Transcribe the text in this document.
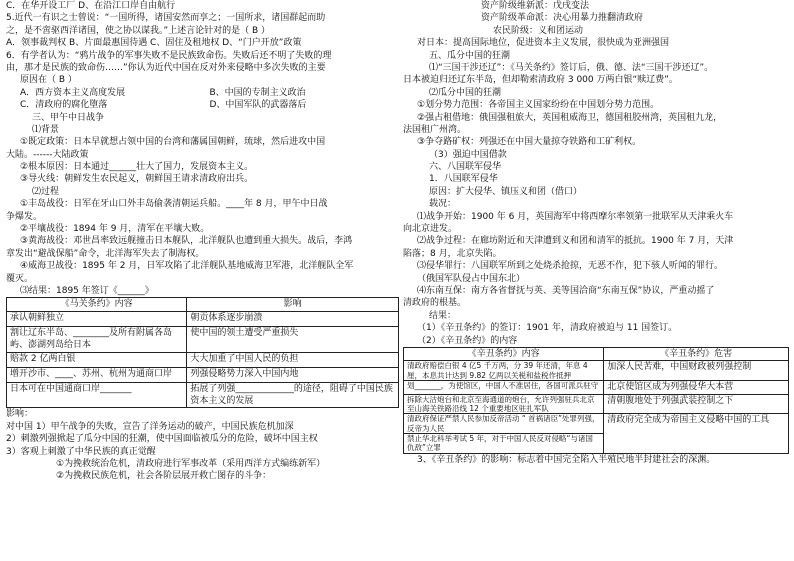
C．在华开设工厂 D、在沿江口岸自由航行
5.近代一有识之士曾说：“一国所得，诸国安然而享之；一国所求，诸国群起而助
之，是不啻驱西洋诸国，使之协以谋我。”上述言论针对的是（ B ）
A．领事裁判权 B、片面最惠国待遇 C、固住及租地权 D、“门户开放”政策
6．有学者认为：“鸦片战争的军事失败不是民族致命伤。失败后还不明了失败的理
由，那才是民族的致命伤……”你认为近代中国在反对外来侵略中多次失败的主要
原因在（ B ）
A．西方资本主义高度发展	B、中国的专制主义政治
C．清政府的腐化堕落	D、中国军队的武器落后
三、甲午中日战争
⑴背景
①既定政策：日本早就想占领中国的台湾和藩属国朝鲜，琉球，然后进攻中国
大陆。------大陆政策
②根本原因：日本通过______壮大了国力，发展资本主义。
③导火线：朝鲜发生农民起义，朝鲜国王请求清政府出兵。
⑵过程
①丰岛战役：日军在牙山口外丰岛偷袭清朝运兵船。____年 8 月，甲午中日战
争爆发。
②平壤战役：1894 年 9 月，清军在平壤大败。
③黄海战役：邓世昌率致远舰撞击日本舰队，北洋舰队也遭到重大损失。战后，李鸿
章发出“避战保船”命令，北洋海军失去了制海权。
④威海卫战役：1895 年 2 月，日军攻陷了北洋舰队基地威海卫军港，北洋舰队全军
覆灭。
⑶结果：1895 年签订《______》
《马关条约》内容	影响
承认朝鲜独立	朝贡体系逐步崩溃
割让辽东半岛、________及所有附属各岛屿、澎湖列岛给日本	使中国的领土遭受严重损失
赔款 2 亿两白银	大大加重了中国人民的负担
增开沙市、____、苏州、杭州为通商口岸	列强侵略势力深入中国内地
日本可在中国通商口岸_______	拓展了列强_____________的途径，阻碍了中国民族资本主义的发展
影响：
对中国 1）甲午战争的失败，宣告了洋务运动的破产，中国民族危机加深
2）刺激列强掀起了瓜分中国的狂潮，使中国面临被瓜分的危险，破坏中国主权
3）客观上刺激了中华民族的真正觉醒
①为挽救统治危机，清政府进行军事改革（采用西洋方式编练新军）
②为挽救民族危机，社会各阶层展开救亡图存的斗争：
资产阶级维新派：戊戌变法
资产阶级革命派：决心用暴力推翻清政府
农民阶级：义和团运动
对日本：提高国际地位，促进资本主义发展，很快成为亚洲强国
五、瓜分中国的狂潮
⑴“三国干涉还辽”：《马关条约》签订后，俄、德、法“三国干涉还辽”。
日本被迫归还辽东半岛，但却勒索清政府 3 000 万两白银“赎辽费”。
⑵瓜分中国的狂潮
①划分势力范围：各帝国主义国家纷纷在中国划分势力范围。
②强占租借地：俄国强租旅大，英国租威海卫，德国租胶州湾，英国租九龙，
法国租广州湾。
③争夺路矿权：列强还在中国大量掠夺铁路和工矿利权。
（3）强迫中国借款
六、八国联军侵华
1．八国联军侵华
原因：扩大侵华、镇压义和团（借口）
载况：
⑴战争开始：1900 年 6 月，英国海军中将西摩尔率领第一批联军从天津乘火车
向北京进发。
⑵战争过程：在廊坊附近和天津遭到义和团和清军的抵抗。1900 年 7 月，天津
陷落；8 月，北京失陷。
⑶侵华罪行：八国联军所到之处烧杀抢掠，无恶不作，犯下骇人听闻的罪行。
（俄国军队侵占中国东北）
⑷东南互保：南方各省督抚与英、美等国洽商“东南互保”协议，严重动摇了
清政府的根基。
结果：
（1）《辛丑条约》的签订：1901 年，清政府被迫与 11 国签订。
（2）《辛丑条约》的内容
《辛丑条约》内容	《辛丑条约》危害
清政府赔偿白银 4 亿5 千万两，分 39 年还清，年息 4 厘，本息共计达到 9.82 亿两以关税和盐税作抵押	加深人民苦难，中国财政被列强控制
划_______，为使馆区，中国人不准居住，各国可派兵驻守	北京使馆区成为列强侵华大本营
拆除大沽炮台和北京至海通道的炮台，允许列强驻兵北京至山海关铁路沿线 12 个重要地区驻扎军队	清朝腹地处于列强武装控制之下
清政府保证严禁人民参加反帝活动 “ 首祸诸臣”处罪列强，反帝为人民	清政府完全成为帝国主义侵略中国的工具
禁止华北科举考试 5 年，对于中国人民反对侵略“与诸国仇敌”立罪	
3、《辛丑条约》的影响：标志着中国完全陷入半殖民地半封建社会的深渊。
